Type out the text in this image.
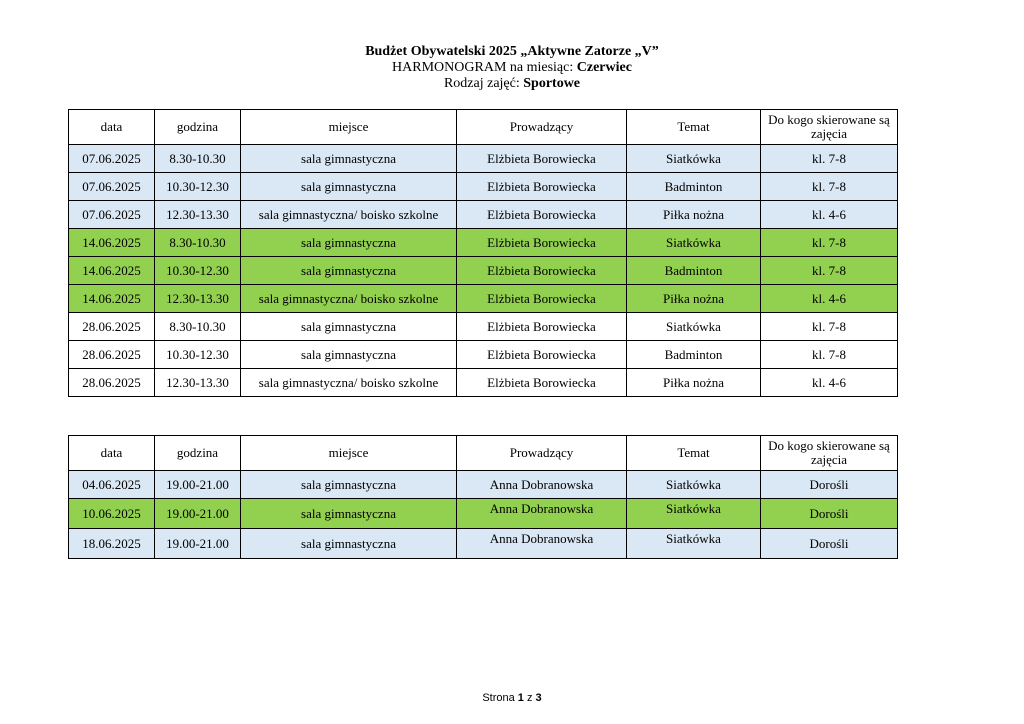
Budżet Obywatelski 2025 „Aktywne Zatorze „V”
HARMONOGRAM na miesiąc: Czerwiec
Rodzaj zajęć: Sportowe
data	godzina	miejsce	Prowadzący	Temat	Do kogo skierowane są zajęcia
07.06.2025	8.30-10.30	sala gimnastyczna	Elżbieta Borowiecka	Siatkówka	kl. 7-8
07.06.2025	10.30-12.30	sala gimnastyczna	Elżbieta Borowiecka	Badminton	kl. 7-8
07.06.2025	12.30-13.30	sala gimnastyczna/ boisko szkolne	Elżbieta Borowiecka	Piłka nożna	kl. 4-6
14.06.2025	8.30-10.30	sala gimnastyczna	Elżbieta Borowiecka	Siatkówka	kl. 7-8
14.06.2025	10.30-12.30	sala gimnastyczna	Elżbieta Borowiecka	Badminton	kl. 7-8
14.06.2025	12.30-13.30	sala gimnastyczna/ boisko szkolne	Elżbieta Borowiecka	Piłka nożna	kl. 4-6
28.06.2025	8.30-10.30	sala gimnastyczna	Elżbieta Borowiecka	Siatkówka	kl. 7-8
28.06.2025	10.30-12.30	sala gimnastyczna	Elżbieta Borowiecka	Badminton	kl. 7-8
28.06.2025	12.30-13.30	sala gimnastyczna/ boisko szkolne	Elżbieta Borowiecka	Piłka nożna	kl. 4-6
data	godzina	miejsce	Prowadzący	Temat	Do kogo skierowane są zajęcia
04.06.2025	19.00-21.00	sala gimnastyczna	Anna Dobranowska	Siatkówka	Dorośli
10.06.2025	19.00-21.00	sala gimnastyczna	Anna Dobranowska	Siatkówka	Dorośli
18.06.2025	19.00-21.00	sala gimnastyczna	Anna Dobranowska	Siatkówka	Dorośli
Strona 1 z 3
